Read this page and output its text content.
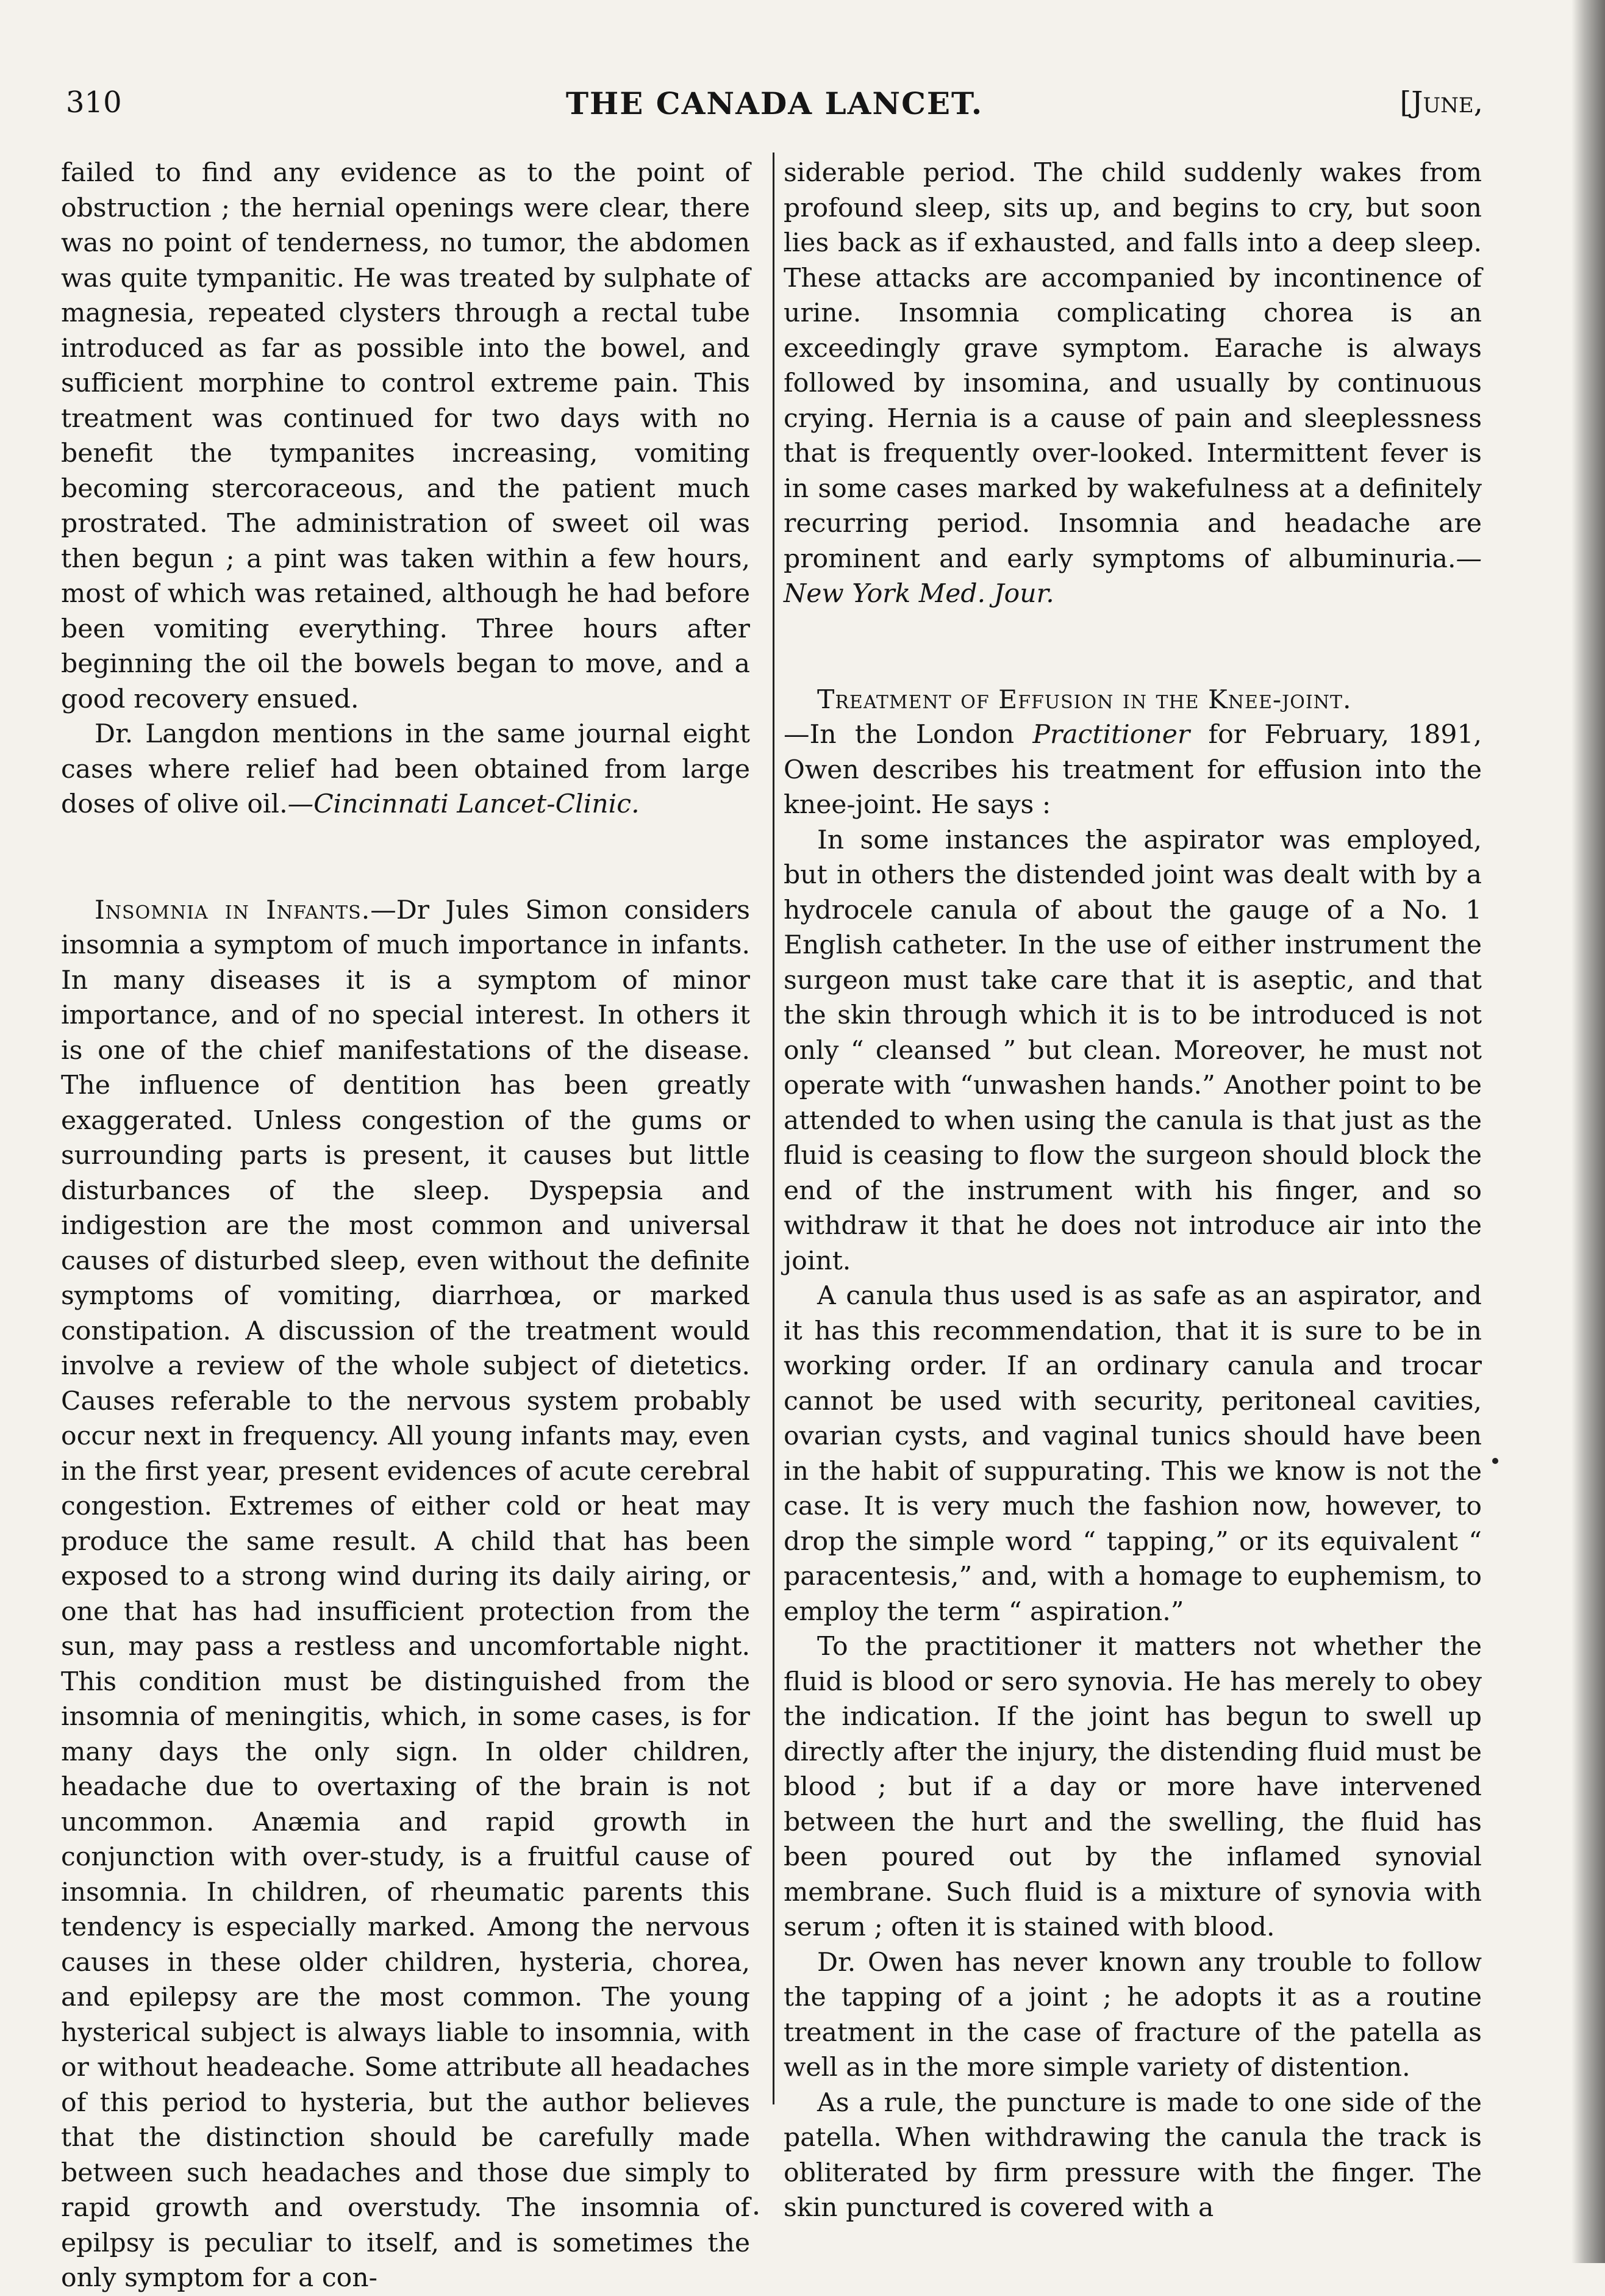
310	THE CANADA LANCET.	[June,

failed to find any evidence as to the point of obstruction ; the hernial openings were clear, there was no point of tenderness, no tumor, the abdomen was quite tympanitic. He was treated by sulphate of magnesia, repeated clysters through a rectal tube introduced as far as possible into the bowel, and sufficient morphine to control extreme pain. This treatment was continued for two days with no benefit the tympanites increasing, vomiting becoming stercoraceous, and the patient much prostrated. The administration of sweet oil was then begun ; a pint was taken within a few hours, most of which was retained, although he had before been vomiting everything. Three hours after beginning the oil the bowels began to move, and a good recovery ensued.

Dr. Langdon mentions in the same journal eight cases where relief had been obtained from large doses of olive oil.—Cincinnati Lancet-Clinic.

Insomnia in Infants.—Dr Jules Simon considers insomnia a symptom of much importance in infants. In many diseases it is a symptom of minor importance, and of no special interest. In others it is one of the chief manifestations of the disease. The influence of dentition has been greatly exaggerated. Unless congestion of the gums or surrounding parts is present, it causes but little disturbances of the sleep. Dyspepsia and indigestion are the most common and universal causes of disturbed sleep, even without the definite symptoms of vomiting, diarrhœa, or marked constipation. A discussion of the treatment would involve a review of the whole subject of dietetics. Causes referable to the nervous system probably occur next in frequency. All young infants may, even in the first year, present evidences of acute cerebral congestion. Extremes of either cold or heat may produce the same result. A child that has been exposed to a strong wind during its daily airing, or one that has had insufficient protection from the sun, may pass a restless and uncomfortable night. This condition must be distinguished from the insomnia of meningitis, which, in some cases, is for many days the only sign. In older children, headache due to overtaxing of the brain is not uncommon. Anæmia and rapid growth in conjunction with over-study, is a fruitful cause of insomnia. In children, of rheumatic parents this tendency is especially marked. Among the nervous causes in these older children, hysteria, chorea, and epilepsy are the most common. The young hysterical subject is always liable to insomnia, with or without headeache. Some attribute all headaches of this period to hysteria, but the author believes that the distinction should be carefully made between such headaches and those due simply to rapid growth and overstudy. The insomnia of epilpsy is peculiar to itself, and is sometimes the only symptom for a con-

siderable period. The child suddenly wakes from profound sleep, sits up, and begins to cry, but soon lies back as if exhausted, and falls into a deep sleep. These attacks are accompanied by incontinence of urine. Insomnia complicating chorea is an exceedingly grave symptom. Earache is always followed by insomina, and usually by continuous crying. Hernia is a cause of pain and sleeplessness that is frequently over-looked. Intermittent fever is in some cases marked by wakefulness at a definitely recurring period. Insomnia and headache are prominent and early symptoms of albuminuria.—New York Med. Jour.

Treatment of Effusion in the Knee-joint.
—In the London Practitioner for February, 1891, Owen describes his treatment for effusion into the knee-joint. He says :

In some instances the aspirator was employed, but in others the distended joint was dealt with by a hydrocele canula of about the gauge of a No. 1 English catheter. In the use of either instrument the surgeon must take care that it is aseptic, and that the skin through which it is to be introduced is not only “ cleansed ” but clean. Moreover, he must not operate with “unwashen hands.” Another point to be attended to when using the canula is that just as the fluid is ceasing to flow the surgeon should block the end of the instrument with his finger, and so withdraw it that he does not introduce air into the joint.

A canula thus used is as safe as an aspirator, and it has this recommendation, that it is sure to be in working order. If an ordinary canula and trocar cannot be used with security, peritoneal cavities, ovarian cysts, and vaginal tunics should have been in the habit of suppurating. This we know is not the case. It is very much the fashion now, however, to drop the simple word “ tapping,” or its equivalent “ paracentesis,” and, with a homage to euphemism, to employ the term “ aspiration.”

To the practitioner it matters not whether the fluid is blood or sero synovia. He has merely to obey the indication. If the joint has begun to swell up directly after the injury, the distending fluid must be blood ; but if a day or more have intervened between the hurt and the swelling, the fluid has been poured out by the inflamed synovial membrane. Such fluid is a mixture of synovia with serum ; often it is stained with blood.

Dr. Owen has never known any trouble to follow the tapping of a joint ; he adopts it as a routine treatment in the case of fracture of the patella as well as in the more simple variety of distention.

As a rule, the puncture is made to one side of the patella. When withdrawing the canula the track is obliterated by firm pressure with the finger. The skin punctured is covered with a
